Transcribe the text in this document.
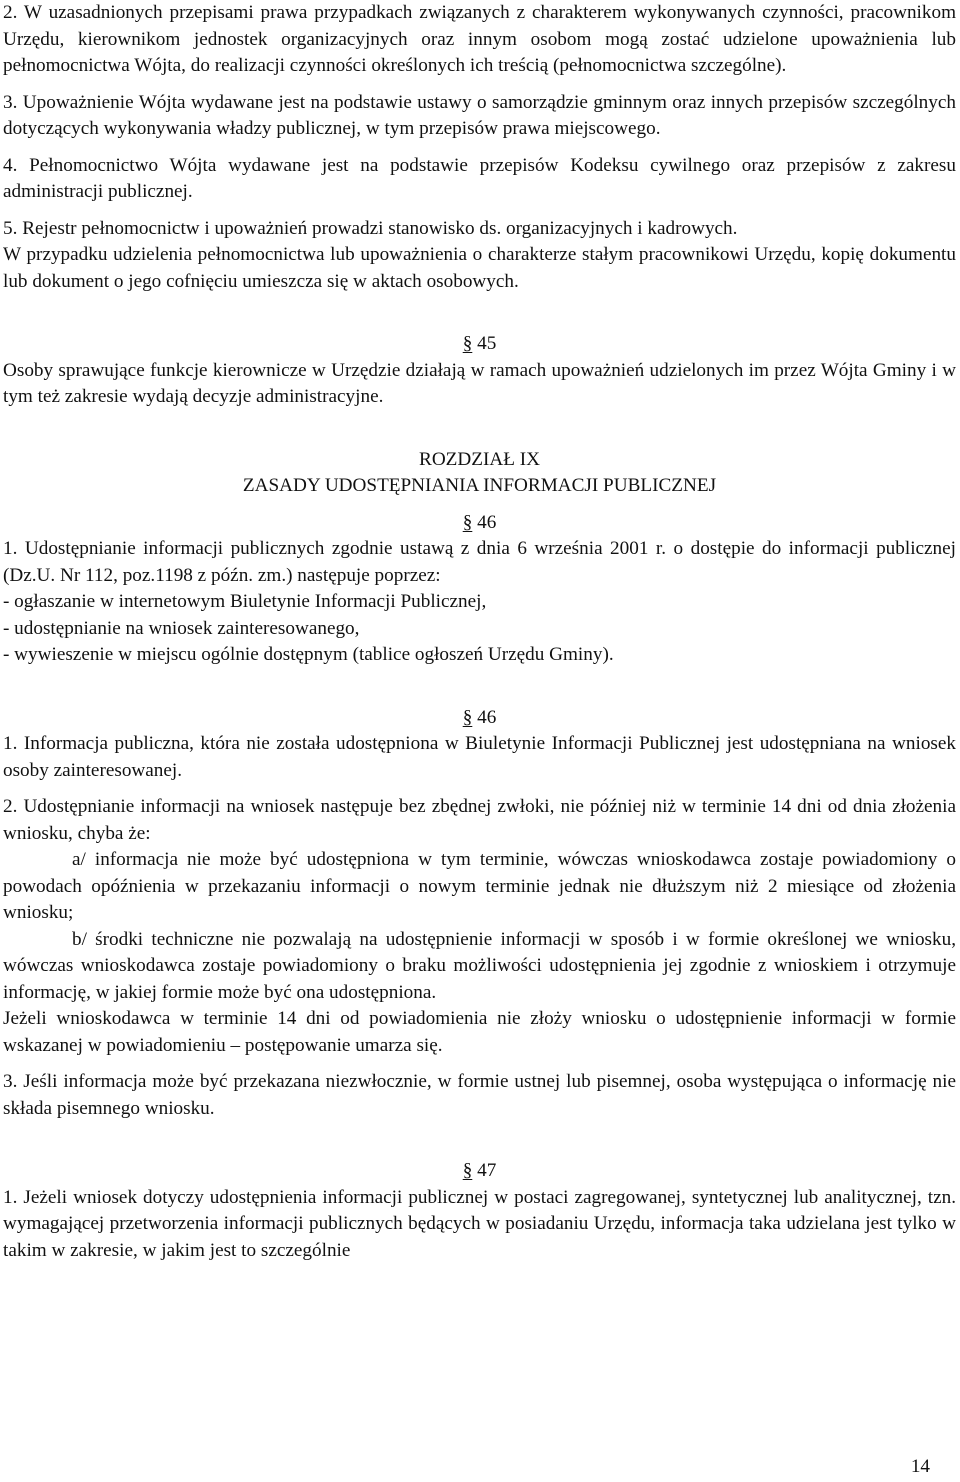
2. W uzasadnionych przepisami prawa przypadkach związanych z charakterem wykonywanych czynności, pracownikom Urzędu, kierownikom jednostek organizacyjnych oraz innym osobom mogą zostać udzielone upoważnienia lub pełnomocnictwa Wójta, do realizacji czynności określonych ich treścią (pełnomocnictwa szczególne).

3. Upoważnienie Wójta wydawane jest na podstawie ustawy o samorządzie gminnym oraz innych przepisów szczególnych dotyczących wykonywania władzy publicznej, w tym przepisów prawa miejscowego.

4. Pełnomocnictwo Wójta wydawane jest na podstawie przepisów Kodeksu cywilnego oraz przepisów z zakresu administracji publicznej.

5. Rejestr pełnomocnictw i upoważnień prowadzi stanowisko ds. organizacyjnych i kadrowych.

W przypadku udzielenia pełnomocnictwa lub upoważnienia o charakterze stałym pracownikowi Urzędu, kopię dokumentu lub dokument o jego cofnięciu umieszcza się w aktach osobowych.

§ 45

Osoby sprawujące funkcje kierownicze w Urzędzie działają w ramach upoważnień udzielonych im przez Wójta Gminy i w tym też zakresie wydają decyzje administracyjne.

ROZDZIAŁ IX

ZASADY UDOSTĘPNIANIA INFORMACJI PUBLICZNEJ

§ 46

1. Udostępnianie informacji publicznych zgodnie ustawą z dnia 6 września 2001 r. o dostępie do informacji publicznej (Dz.U. Nr 112, poz.1198 z późn. zm.) następuje poprzez:

- ogłaszanie w internetowym Biuletynie Informacji Publicznej,

- udostępnianie na wniosek zainteresowanego,

- wywieszenie w miejscu ogólnie dostępnym (tablice ogłoszeń Urzędu Gminy).

§ 46

1. Informacja publiczna, która nie została udostępniona w Biuletynie Informacji Publicznej jest udostępniana na wniosek osoby zainteresowanej.

2. Udostępnianie informacji na wniosek następuje bez zbędnej zwłoki, nie później niż w terminie 14 dni od dnia złożenia wniosku, chyba że:

a/ informacja nie może być udostępniona w tym terminie, wówczas wnioskodawca zostaje powiadomiony o powodach opóźnienia w przekazaniu informacji o nowym terminie jednak nie dłuższym niż 2 miesiące od złożenia wniosku;

b/ środki techniczne nie pozwalają na udostępnienie informacji w sposób i w formie określonej we wniosku, wówczas wnioskodawca zostaje powiadomiony o braku możliwości udostępnienia jej zgodnie z wnioskiem i otrzymuje informację, w jakiej formie może być ona udostępniona.

Jeżeli wnioskodawca w terminie 14 dni od powiadomienia nie złoży wniosku o udostępnienie informacji w formie wskazanej w powiadomieniu – postępowanie umarza się.

3. Jeśli informacja może być przekazana niezwłocznie, w formie ustnej lub pisemnej, osoba występująca o informację nie składa pisemnego wniosku.

§ 47

1. Jeżeli wniosek dotyczy udostępnienia informacji publicznej w postaci zagregowanej, syntetycznej lub analitycznej, tzn. wymagającej przetworzenia informacji publicznych będących w posiadaniu Urzędu, informacja taka udzielana jest tylko w takim w zakresie, w jakim jest to szczególnie

14
